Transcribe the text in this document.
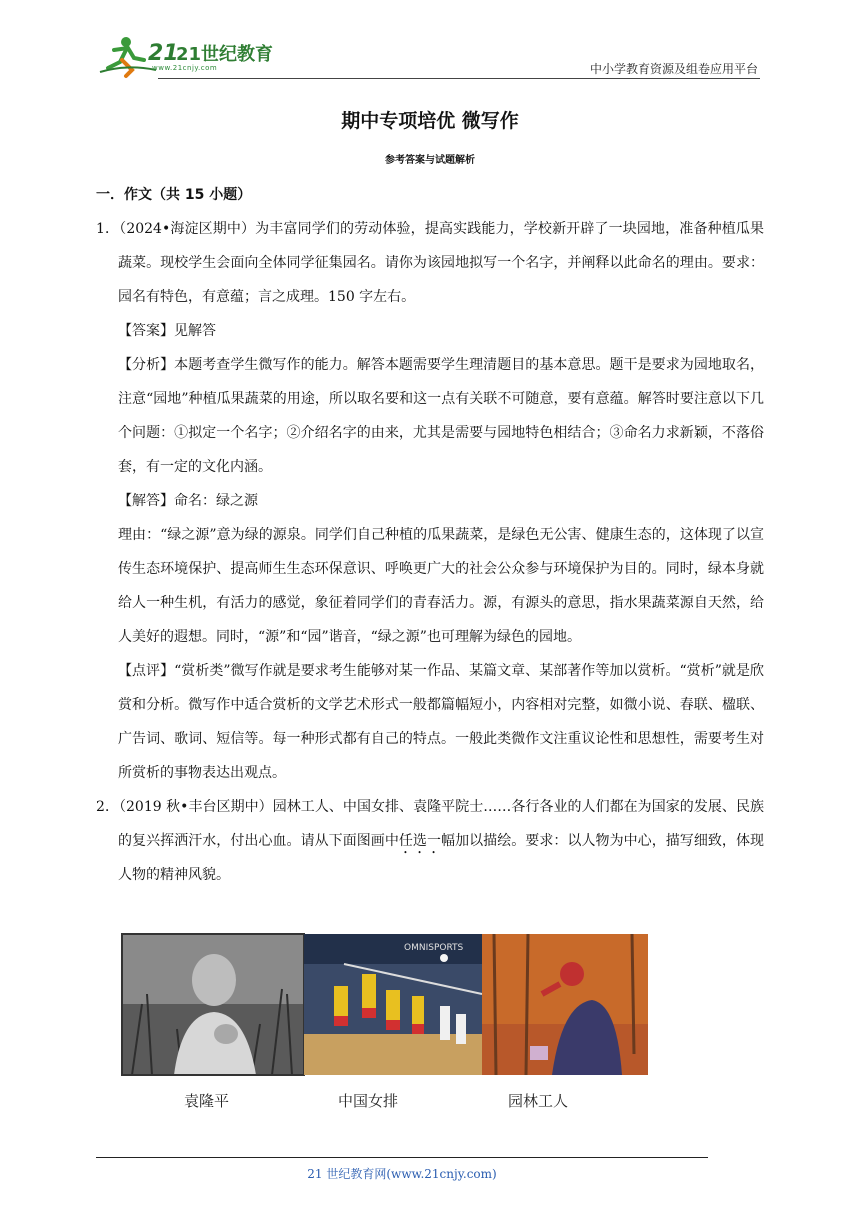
21
21世纪教育
www.21cnjy.com	中小学教育资源及组卷应用平台
期中专项培优 微写作
参考答案与试题解析
一．作文（共 15 小题）

1．（2024•海淀区期中）为丰富同学们的劳动体验，提高实践能力，学校新开辟了一块园地，准备种植瓜果蔬菜。现校学生会面向全体同学征集园名。请你为该园地拟写一个名字，并阐释以此命名的理由。要求：园名有特色，有意蕴；言之成理。150 字左右。

【答案】见解答

【分析】本题考查学生微写作的能力。解答本题需要学生理清题目的基本意思。题干是要求为园地取名，注意“园地”种植瓜果蔬菜的用途，所以取名要和这一点有关联不可随意，要有意蕴。解答时要注意以下几个问题：①拟定一个名字；②介绍名字的由来，尤其是需要与园地特色相结合；③命名力求新颖，不落俗套，有一定的文化内涵。

【解答】命名：绿之源

理由：“绿之源”意为绿的源泉。同学们自己种植的瓜果蔬菜，是绿色无公害、健康生态的，这体现了以宣传生态环境保护、提高师生生态环保意识、呼唤更广大的社会公众参与环境保护为目的。同时，绿本身就给人一种生机，有活力的感觉，象征着同学们的青春活力。源，有源头的意思，指水果蔬菜源自天然，给人美好的遐想。同时，“源”和“园”谐音，“绿之源”也可理解为绿色的园地。

【点评】“赏析类”微写作就是要求考生能够对某一作品、某篇文章、某部著作等加以赏析。“赏析”就是欣赏和分析。微写作中适合赏析的文学艺术形式一般都篇幅短小，内容相对完整，如微小说、春联、楹联、广告词、歌词、短信等。每一种形式都有自己的特点。一般此类微作文注重议论性和思想性，需要考生对所赏析的事物表达出观点。

2．（2019 秋•丰台区期中）园林工人、中国女排、袁隆平院士……各行各业的人们都在为国家的发展、民族的复兴挥洒汗水，付出心血。请从下面图画中任选一幅加以描绘。要求：以人物为中心，描写细致，体现人物的精神风貌。

OMNISPORTS
袁隆平	中国女排	园林工人
21 世纪教育网(www.21cnjy.com)
